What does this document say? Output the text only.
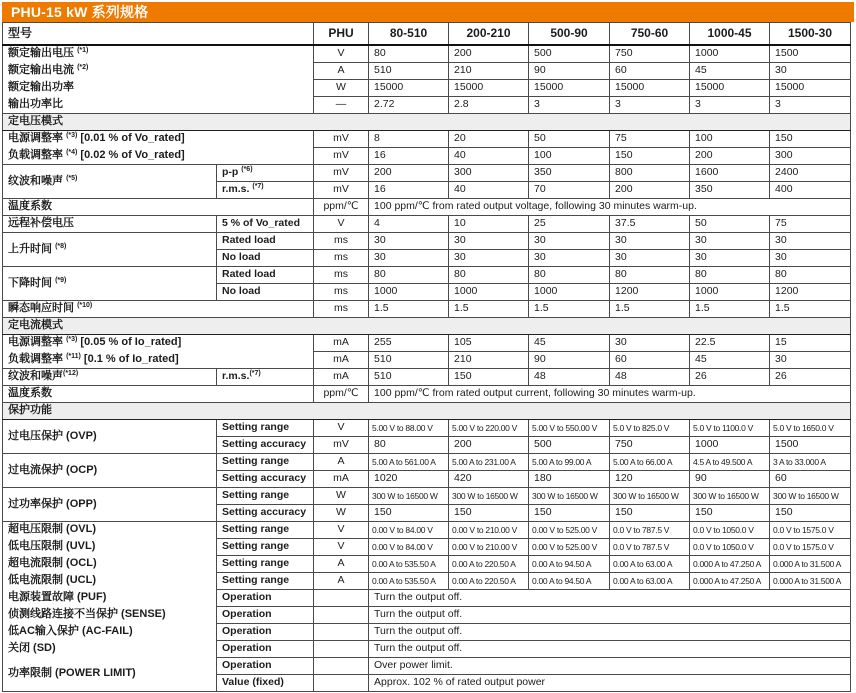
PHU-15 kW 系列规格
型号		PHU	80-510	200-210	500-90	750-60	1000-45	1500-30
额定输出电压 $^{(*1)}$		V	80	200	500	750	1000	1500
额定输出电流 $^{(*2)}$		A	510	210	90	60	45	30
额定输出功率		W	15000	15000	15000	15000	15000	15000
输出功率比		—	2.72	2.8	3	3	3	3
定电压模式								
电源调整率 $^{(*3)}$ [0.01 % of Vo_rated]		mV	8	20	50	75	100	150
负载调整率 $^{(*4)}$ [0.02 % of Vo_rated]		mV	16	40	100	150	200	300
纹波和噪声 $^{(*5)}$	p-p $^{(*6)}$	mV	200	300	350	800	1600	2400
	r.m.s. $^{(*7)}$	mV	16	40	70	200	350	400
温度系数		ppm/℃	100 ppm/℃ from rated output voltage, following 30 minutes warm-up.					
远程补偿电压	5 % of Vo_rated	V	4	10	25	37.5	50	75
上升时间 $^{(*8)}$	Rated load	ms	30	30	30	30	30	30
	No load	ms	30	30	30	30	30	30
下降时间 $^{(*9)}$	Rated load	ms	80	80	80	80	80	80
	No load	ms	1000	1000	1000	1200	1000	1200
瞬态响应时间 $^{(*10)}$		ms	1.5	1.5	1.5	1.5	1.5	1.5
定电流模式								
电源调整率 $^{(*3)}$ [0.05 % of Io_rated]		mA	255	105	45	30	22.5	15
负载调整率 $^{(*11)}$ [0.1 % of Io_rated]		mA	510	210	90	60	45	30
纹波和噪声$^{(*12)}$	r.m.s.$^{(*7)}$	mA	510	150	48	48	26	26
温度系数		ppm/℃	100 ppm/℃ from rated output current, following 30 minutes warm-up.					
保护功能								
过电压保护 (OVP)	Setting range	V	5.00 V to 88.00 V	5.00 V to 220.00 V	5.00 V to 550.00 V	5.0 V to 825.0 V	5.0 V to 1100.0 V	5.0 V to 1650.0 V
	Setting accuracy	mV	80	200	500	750	1000	1500
过电流保护 (OCP)	Setting range	A	5.00 A to 561.00 A	5.00 A to 231.00 A	5.00 A to 99.00 A	5.00 A to 66.00 A	4.5 A to 49.500 A	3 A to 33.000 A
	Setting accuracy	mA	1020	420	180	120	90	60
过功率保护 (OPP)	Setting range	W	300 W to 16500 W	300 W to 16500 W	300 W to 16500 W	300 W to 16500 W	300 W to 16500 W	300 W to 16500 W
	Setting accuracy	W	150	150	150	150	150	150
超电压限制 (OVL)	Setting range	V	0.00 V to 84.00 V	0.00 V to 210.00 V	0.00 V to 525.00 V	0.0 V to 787.5 V	0.0 V to 1050.0 V	0.0 V to 1575.0 V
低电压限制 (UVL)	Setting range	V	0.00 V to 84.00 V	0.00 V to 210.00 V	0.00 V to 525.00 V	0.0 V to 787.5 V	0.0 V to 1050.0 V	0.0 V to 1575.0 V
超电流限制 (OCL)	Setting range	A	0.00 A to 535.50 A	0.00 A to 220.50 A	0.00 A to 94.50 A	0.00 A to 63.00 A	0.000 A to 47.250 A	0.000 A to 31.500 A
低电流限制 (UCL)	Setting range	A	0.00 A to 535.50 A	0.00 A to 220.50 A	0.00 A to 94.50 A	0.00 A to 63.00 A	0.000 A to 47.250 A	0.000 A to 31.500 A
电源装置故障 (PUF)	Operation		Turn the output off.					
侦测线路连接不当保护 (SENSE)	Operation		Turn the output off.					
低AC输入保护 (AC-FAIL)	Operation		Turn the output off.					
关闭 (SD)	Operation		Turn the output off.					
功率限制 (POWER LIMIT)	Operation		Over power limit.					
	Value (fixed)		Approx. 102 % of rated output power					
